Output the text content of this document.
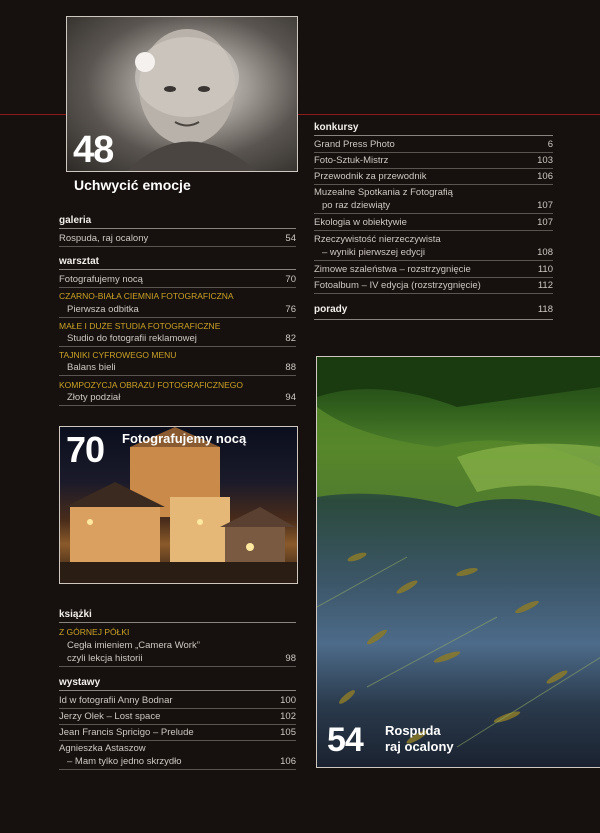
48
Uchwycić emocje
galeria
Rospuda, raj ocalony	54
warsztat
Fotografujemy nocą	70
CZARNO-BIAŁA CIEMNIA FOTOGRAFICZNA
Pierwsza odbitka	76
MAŁE I DUŻE STUDIA FOTOGRAFICZNE
Studio do fotografii reklamowej	82
TAJNIKI CYFROWEGO MENU
Balans bieli	88
KOMPOZYCJA OBRAZU FOTOGRAFICZNEGO
Złoty podział	94
70 Fotografujemy nocą
książki
Z GÓRNEJ PÓŁKI
Cegła imieniem „Camera Work”
czyli lekcja historii	98
wystawy
Id w fotografii Anny Bodnar	100
Jerzy Olek – Lost space	102
Jean Francis Spricigo – Prelude	105
Agnieszka Astaszow
– Mam tylko jedno skrzydło	106
konkursy
Grand Press Photo	6
Foto-Sztuk-Mistrz	103
Przewodnik za przewodnik	106
Muzealne Spotkania z Fotografią
po raz dziewiąty	107
Ekologia w obiektywie	107
Rzeczywistość nierzeczywista
– wyniki pierwszej edycji	108
Zimowe szaleństwa – rozstrzygnięcie	110
Fotoalbum – IV edycja (rozstrzygnięcie)	112
porady	118
54 Rospuda
raj ocalony
